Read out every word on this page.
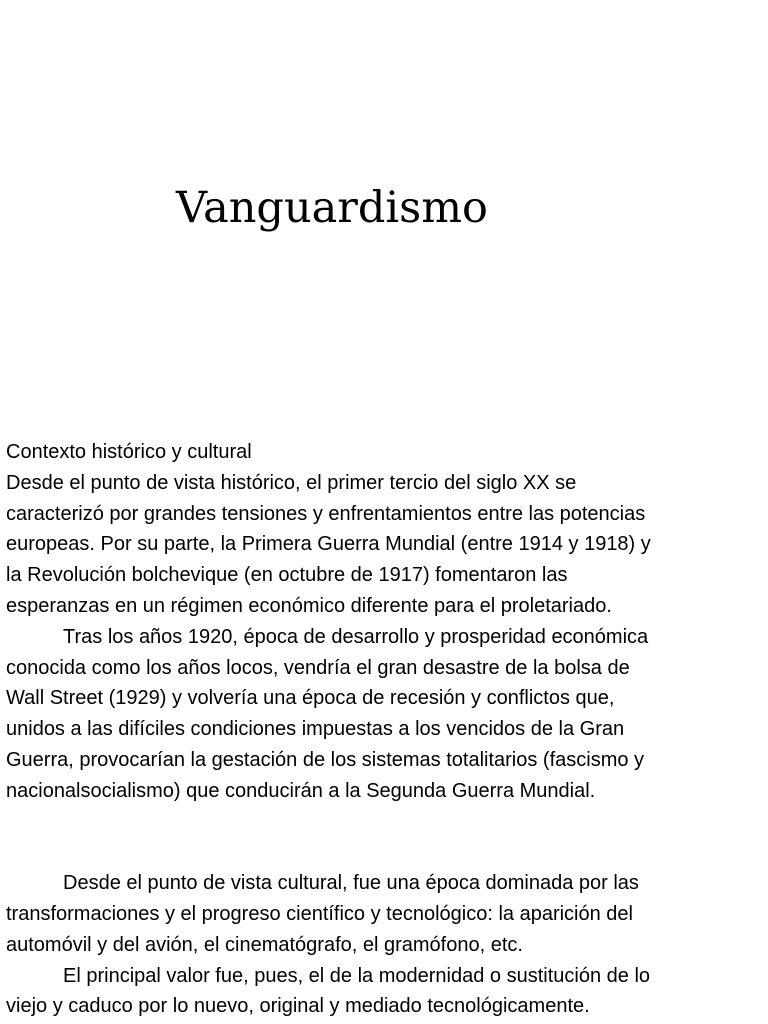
Vanguardismo
Contexto histórico y cultural
Desde el punto de vista histórico, el primer tercio del siglo XX se
caracterizó por grandes tensiones y enfrentamientos entre las potencias
europeas. Por su parte, la Primera Guerra Mundial (entre 1914 y 1918) y
la Revolución bolchevique (en octubre de 1917) fomentaron las
esperanzas en un régimen económico diferente para el proletariado.
Tras los años 1920, época de desarrollo y prosperidad económica
conocida como los años locos, vendría el gran desastre de la bolsa de
Wall Street (1929) y volvería una época de recesión y conflictos que,
unidos a las difíciles condiciones impuestas a los vencidos de la Gran
Guerra, provocarían la gestación de los sistemas totalitarios (fascismo y
nacionalsocialismo) que conducirán a la Segunda Guerra Mundial.
Desde el punto de vista cultural, fue una época dominada por las
transformaciones y el progreso científico y tecnológico: la aparición del
automóvil y del avión, el cinematógrafo, el gramófono, etc.
El principal valor fue, pues, el de la modernidad o sustitución de lo
viejo y caduco por lo nuevo, original y mediado tecnológicamente.
